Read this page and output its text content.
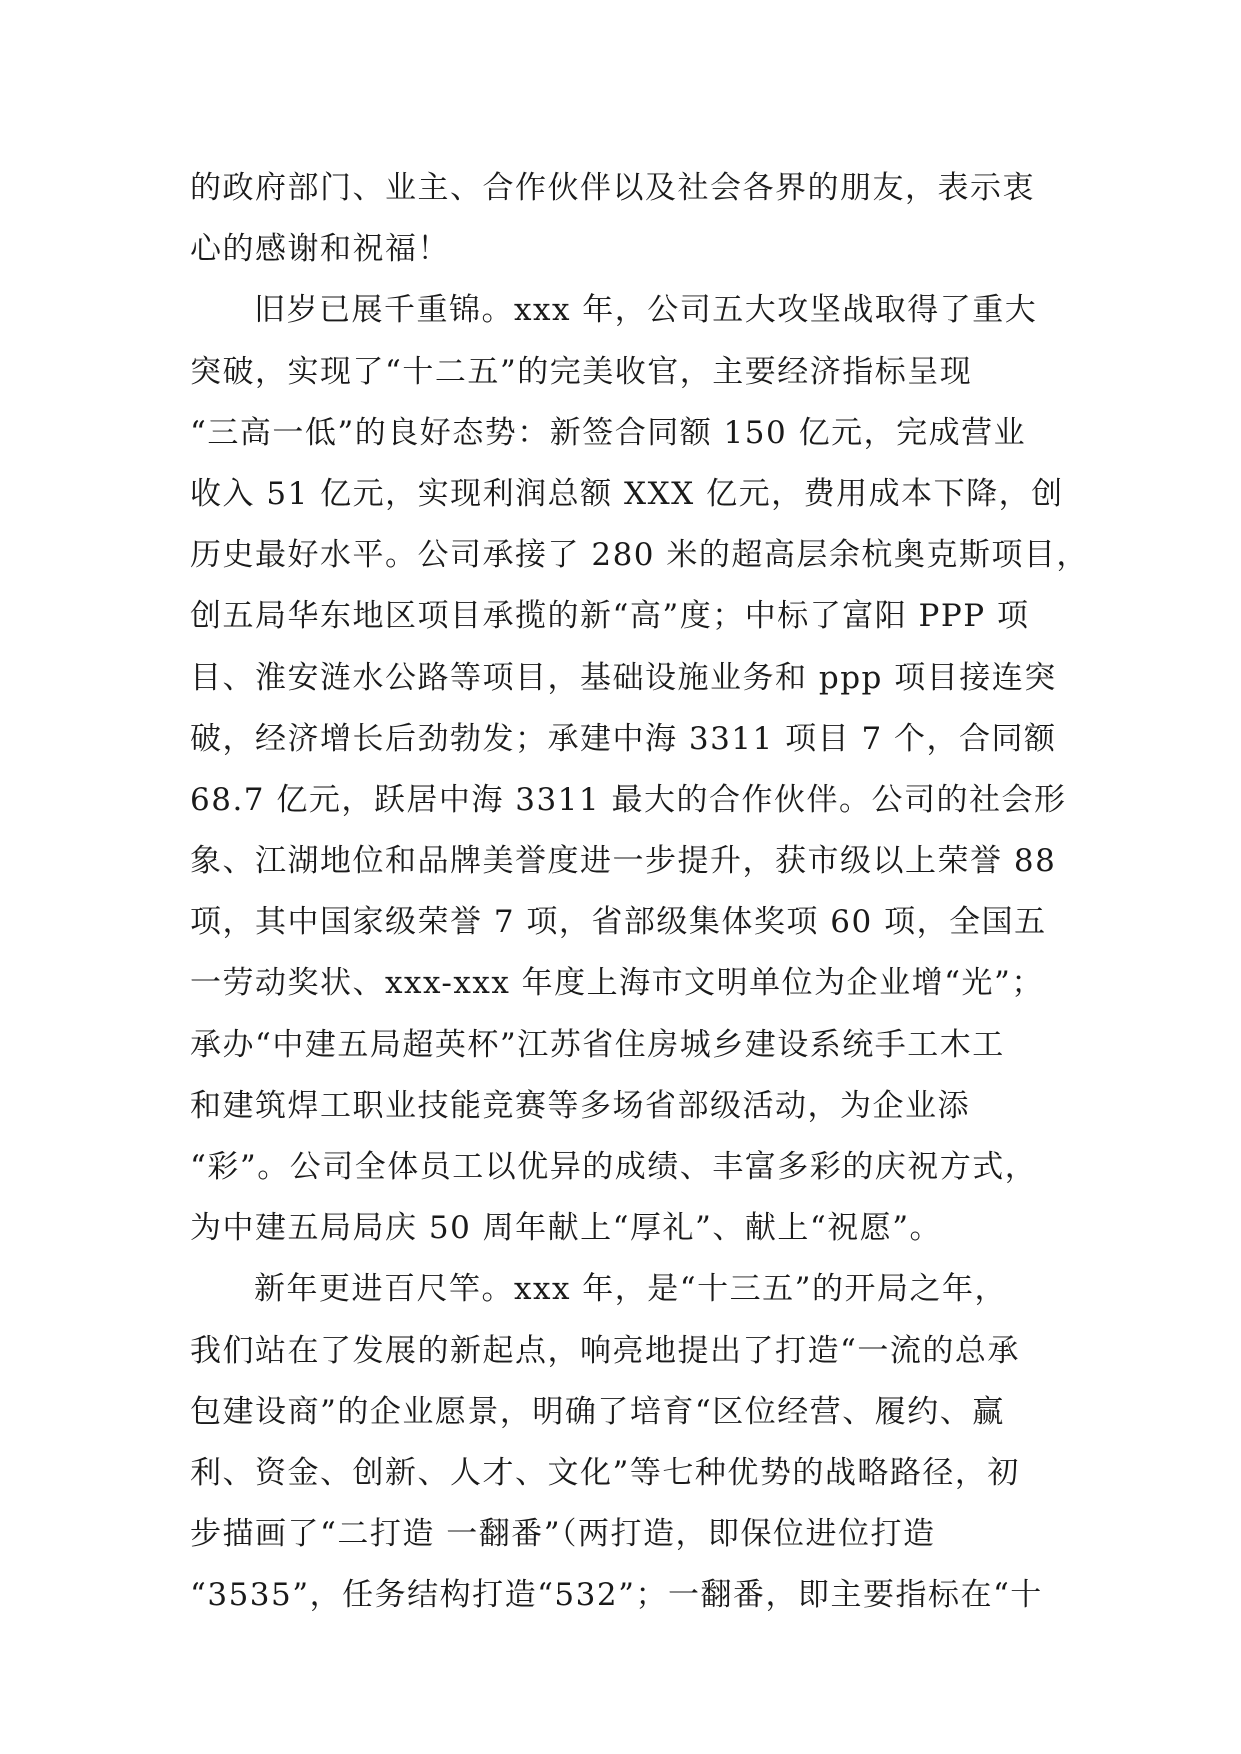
的政府部门、业主、合作伙伴以及社会各界的朋友，表示衷
心的感谢和祝福！
旧岁已展千重锦。xxx 年，公司五大攻坚战取得了重大
突破，实现了“十二五”的完美收官，主要经济指标呈现
“三高一低”的良好态势：新签合同额 150 亿元，完成营业
收入 51 亿元，实现利润总额 XXX 亿元，费用成本下降，创
历史最好水平。公司承接了 280 米的超高层余杭奥克斯项目，
创五局华东地区项目承揽的新“高”度；中标了富阳 PPP 项
目、淮安涟水公路等项目，基础设施业务和 ppp 项目接连突
破，经济增长后劲勃发；承建中海 3311 项目 7 个，合同额
68.7 亿元，跃居中海 3311 最大的合作伙伴。公司的社会形
象、江湖地位和品牌美誉度进一步提升，获市级以上荣誉 88
项，其中国家级荣誉 7 项，省部级集体奖项 60 项，全国五
一劳动奖状、xxx-xxx 年度上海市文明单位为企业增“光”；
承办“中建五局超英杯”江苏省住房城乡建设系统手工木工
和建筑焊工职业技能竞赛等多场省部级活动，为企业添
“彩”。公司全体员工以优异的成绩、丰富多彩的庆祝方式，
为中建五局局庆 50 周年献上“厚礼”、献上“祝愿”。
新年更进百尺竿。xxx 年，是“十三五”的开局之年，
我们站在了发展的新起点，响亮地提出了打造“一流的总承
包建设商”的企业愿景，明确了培育“区位经营、履约、赢
利、资金、创新、人才、文化”等七种优势的战略路径，初
步描画了“二打造 一翻番”（两打造，即保位进位打造
“3535”，任务结构打造“532”；一翻番，即主要指标在“十
